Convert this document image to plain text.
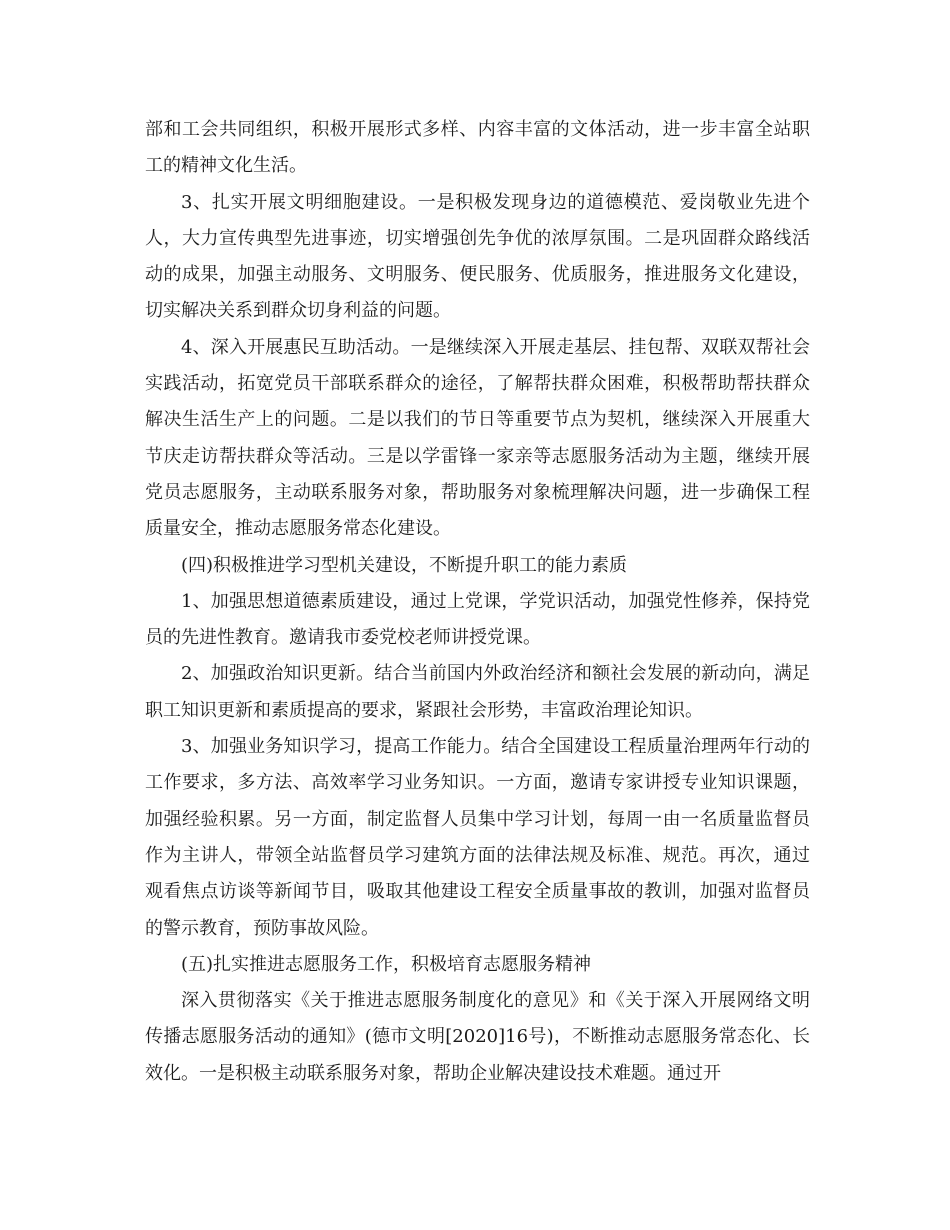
部和工会共同组织，积极开展形式多样、内容丰富的文体活动，进一步丰富全站职工的精神文化生活。

3、扎实开展文明细胞建设。一是积极发现身边的道德模范、爱岗敬业先进个人，大力宣传典型先进事迹，切实增强创先争优的浓厚氛围。二是巩固群众路线活动的成果，加强主动服务、文明服务、便民服务、优质服务，推进服务文化建设，切实解决关系到群众切身利益的问题。

4、深入开展惠民互助活动。一是继续深入开展走基层、挂包帮、双联双帮社会实践活动，拓宽党员干部联系群众的途径，了解帮扶群众困难，积极帮助帮扶群众解决生活生产上的问题。二是以我们的节日等重要节点为契机，继续深入开展重大节庆走访帮扶群众等活动。三是以学雷锋一家亲等志愿服务活动为主题，继续开展党员志愿服务，主动联系服务对象，帮助服务对象梳理解决问题，进一步确保工程质量安全，推动志愿服务常态化建设。

(四)积极推进学习型机关建设，不断提升职工的能力素质

1、加强思想道德素质建设，通过上党课，学党识活动，加强党性修养，保持党员的先进性教育。邀请我市委党校老师讲授党课。

2、加强政治知识更新。结合当前国内外政治经济和额社会发展的新动向，满足职工知识更新和素质提高的要求，紧跟社会形势，丰富政治理论知识。

3、加强业务知识学习，提高工作能力。结合全国建设工程质量治理两年行动的工作要求，多方法、高效率学习业务知识。一方面，邀请专家讲授专业知识课题，加强经验积累。另一方面，制定监督人员集中学习计划，每周一由一名质量监督员作为主讲人，带领全站监督员学习建筑方面的法律法规及标准、规范。再次，通过观看焦点访谈等新闻节目，吸取其他建设工程安全质量事故的教训，加强对监督员的警示教育，预防事故风险。

(五)扎实推进志愿服务工作，积极培育志愿服务精神

深入贯彻落实《关于推进志愿服务制度化的意见》和《关于深入开展网络文明传播志愿服务活动的通知》(德市文明[2020]16号)，不断推动志愿服务常态化、长效化。一是积极主动联系服务对象，帮助企业解决建设技术难题。通过开
